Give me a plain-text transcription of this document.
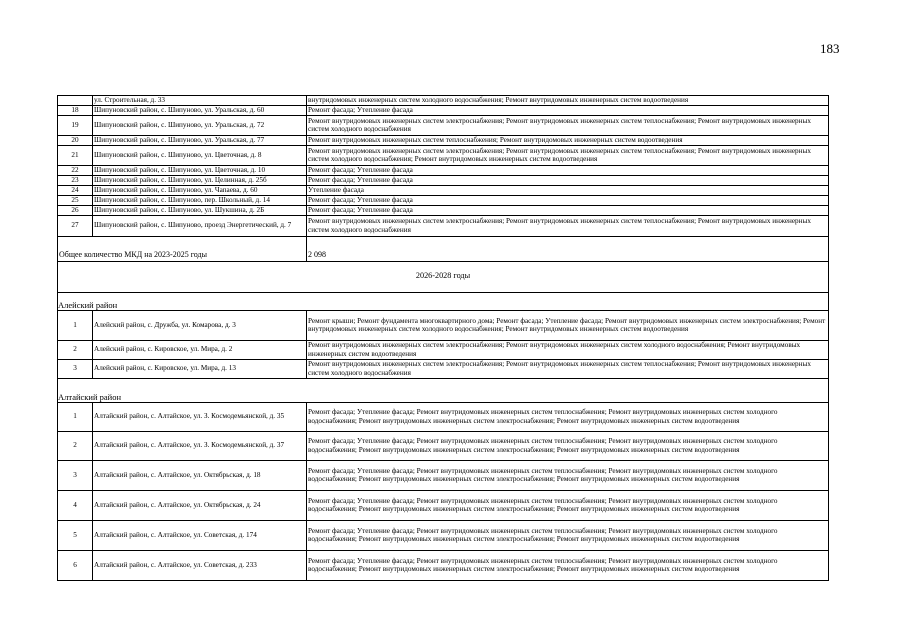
183
	ул. Строительная, д. 33	внутридомовых инженерных систем холодного водоснабжения; Ремонт внутридомовых инженерных систем водоотведения
18	Шипуновский район, с. Шипуново, ул. Уральская, д. 60	Ремонт фасада; Утепление фасада
19	Шипуновский район, с. Шипуново, ул. Уральская, д. 72	Ремонт внутридомовых инженерных систем электроснабжения; Ремонт внутридомовых инженерных систем теплоснабжения; Ремонт внутридомовых инженерных систем холодного водоснабжения
20	Шипуновский район, с. Шипуново, ул. Уральская, д. 77	Ремонт внутридомовых инженерных систем теплоснабжения; Ремонт внутридомовых инженерных систем водоотведения
21	Шипуновский район, с. Шипуново, ул. Цветочная, д. 8	Ремонт внутридомовых инженерных систем электроснабжения; Ремонт внутридомовых инженерных систем теплоснабжения; Ремонт внутридомовых инженерных систем холодного водоснабжения; Ремонт внутридомовых инженерных систем водоотведения
22	Шипуновский район, с. Шипуново, ул. Цветочная, д. 10	Ремонт фасада; Утепление фасада
23	Шипуновский район, с. Шипуново, ул. Целинная, д. 25б	Ремонт фасада; Утепление фасада
24	Шипуновский район, с. Шипуново, ул. Чапаева, д. 60	Утепление фасада
25	Шипуновский район, с. Шипуново, пер. Школьный, д. 14	Ремонт фасада; Утепление фасада
26	Шипуновский район, с. Шипуново, ул. Шукшина, д. 2Б	Ремонт фасада; Утепление фасада
27	Шипуновский район, с. Шипуново, проезд Энергетический, д. 7	Ремонт внутридомовых инженерных систем электроснабжения; Ремонт внутридомовых инженерных систем теплоснабжения; Ремонт внутридомовых инженерных систем холодного водоснабжения
Общее количество МКД на 2023-2025 годы		2 098
2026-2028 годы		
Алейский район		
1	Алейский район, с. Дружба, ул. Комарова, д. 3	Ремонт крыши; Ремонт фундамента многоквартирного дома; Ремонт фасада; Утепление фасада; Ремонт внутридомовых инженерных систем электроснабжения; Ремонт внутридомовых инженерных систем холодного водоснабжения; Ремонт внутридомовых инженерных систем водоотведения
2	Алейский район, с. Кировское, ул. Мира, д. 2	Ремонт внутридомовых инженерных систем электроснабжения; Ремонт внутридомовых инженерных систем холодного водоснабжения; Ремонт внутридомовых инженерных систем водоотведения
3	Алейский район, с. Кировское, ул. Мира, д. 13	Ремонт внутридомовых инженерных систем электроснабжения; Ремонт внутридомовых инженерных систем теплоснабжения; Ремонт внутридомовых инженерных систем холодного водоснабжения
Алтайский район		
1	Алтайский район, с. Алтайское, ул. З. Космодемьянской, д. 35	Ремонт фасада; Утепление фасада; Ремонт внутридомовых инженерных систем теплоснабжения; Ремонт внутридомовых инженерных систем холодного водоснабжения; Ремонт внутридомовых инженерных систем электроснабжения; Ремонт внутридомовых инженерных систем водоотведения
2	Алтайский район, с. Алтайское, ул. З. Космодемьянской, д. 37	Ремонт фасада; Утепление фасада; Ремонт внутридомовых инженерных систем теплоснабжения; Ремонт внутридомовых инженерных систем холодного водоснабжения; Ремонт внутридомовых инженерных систем электроснабжения; Ремонт внутридомовых инженерных систем водоотведения
3	Алтайский район, с. Алтайское, ул. Октябрьская, д. 18	Ремонт фасада; Утепление фасада; Ремонт внутридомовых инженерных систем теплоснабжения; Ремонт внутридомовых инженерных систем холодного водоснабжения; Ремонт внутридомовых инженерных систем электроснабжения; Ремонт внутридомовых инженерных систем водоотведения
4	Алтайский район, с. Алтайское, ул. Октябрьская, д. 24	Ремонт фасада; Утепление фасада; Ремонт внутридомовых инженерных систем теплоснабжения; Ремонт внутридомовых инженерных систем холодного водоснабжения; Ремонт внутридомовых инженерных систем электроснабжения; Ремонт внутридомовых инженерных систем водоотведения
5	Алтайский район, с. Алтайское, ул. Советская, д. 174	Ремонт фасада; Утепление фасада; Ремонт внутридомовых инженерных систем теплоснабжения; Ремонт внутридомовых инженерных систем холодного водоснабжения; Ремонт внутридомовых инженерных систем электроснабжения; Ремонт внутридомовых инженерных систем водоотведения
6	Алтайский район, с. Алтайское, ул. Советская, д. 233	Ремонт фасада; Утепление фасада; Ремонт внутридомовых инженерных систем теплоснабжения; Ремонт внутридомовых инженерных систем холодного водоснабжения; Ремонт внутридомовых инженерных систем электроснабжения; Ремонт внутридомовых инженерных систем водоотведения
